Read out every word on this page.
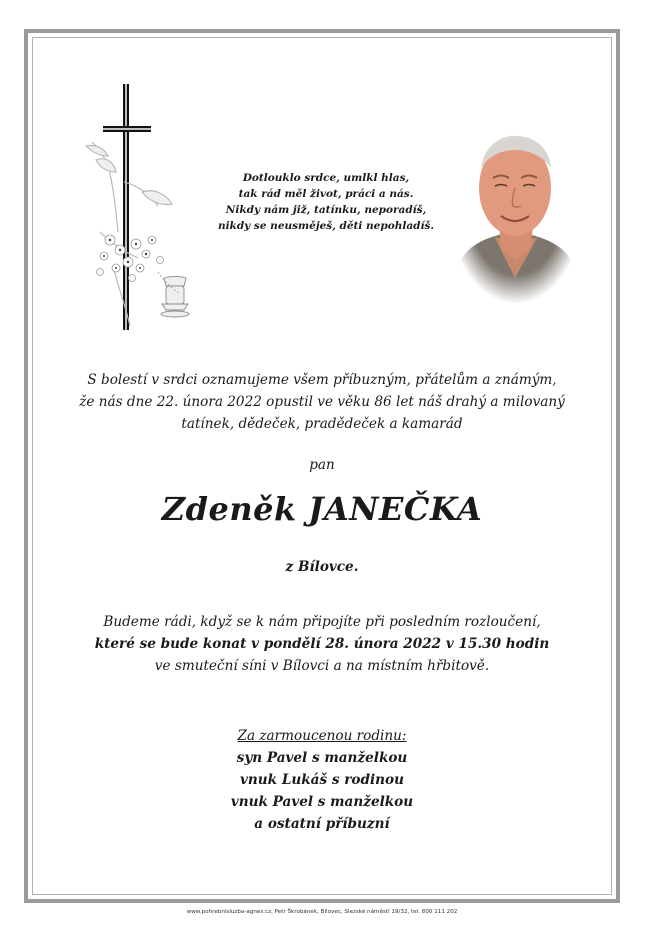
Dotlouklo srdce, umlkl hlas,
tak rád měl život, práci a nás.
Nikdy nám již, tatínku, neporadíš,
nikdy se neusměješ, děti nepohladíš.
S bolestí v srdci oznamujeme všem příbuzným, přátelům a známým,
že nás dne 22. února 2022 opustil ve věku 86 let náš drahý a milovaný
tatínek, dědeček, pradědeček a kamarád
pan
Zdeněk JANEČKA
z Bílovce.
Budeme rádi, když se k nám připojíte při posledním rozloučení,
které se bude konat v pondělí 28. února 2022 v 15.30 hodin
ve smuteční síni v Bílovci a na místním hřbitově.
Za zarmoucenou rodinu:
syn Pavel s manželkou
vnuk Lukáš s rodinou
vnuk Pavel s manželkou
a ostatní příbuzní
www.pohrebnisluzba-agnes.cz, Petr Škrobánek, Bílovec, Slezské náměstí 19/32, tel. 800 111 202
